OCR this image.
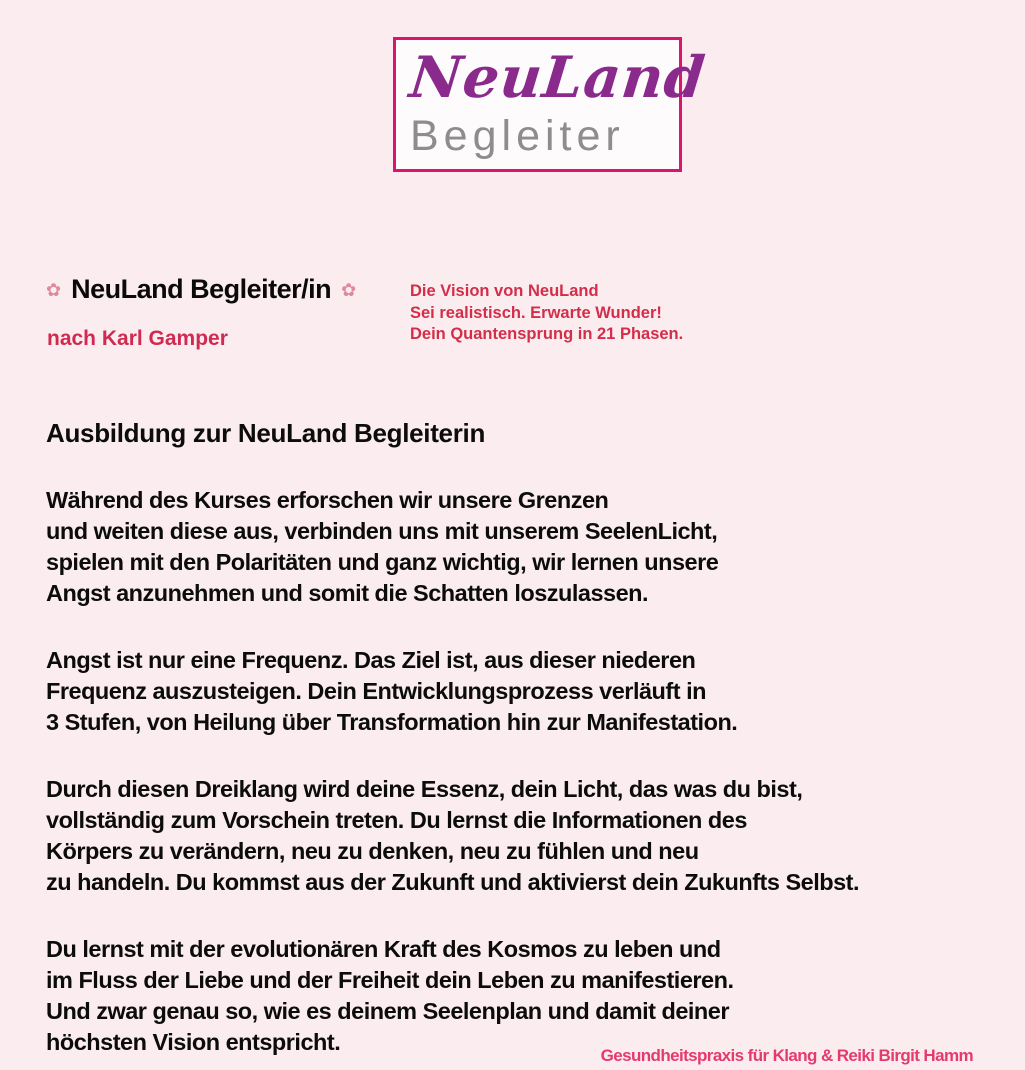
NeuLand
Begleiter
✿ NeuLand Begleiter/in ✿
nach Karl Gamper
Die Vision von NeuLand
Sei realistisch. Erwarte Wunder!
Dein Quantensprung in 21 Phasen.
Ausbildung zur NeuLand Begleiterin
Während des Kurses erforschen wir unsere Grenzen
und weiten diese aus, verbinden uns mit unserem SeelenLicht,
spielen mit den Polaritäten und ganz wichtig, wir lernen unsere
Angst anzunehmen und somit die Schatten loszulassen.
Angst ist nur eine Frequenz. Das Ziel ist, aus dieser niederen
Frequenz auszusteigen. Dein Entwicklungsprozess verläuft in
3 Stufen, von Heilung über Transformation hin zur Manifestation.
Durch diesen Dreiklang wird deine Essenz, dein Licht, das was du bist,
vollständig zum Vorschein treten. Du lernst die Informationen des
Körpers zu verändern, neu zu denken, neu zu fühlen und neu
zu handeln. Du kommst aus der Zukunft und aktivierst dein Zukunfts Selbst.
Du lernst mit der evolutionären Kraft des Kosmos zu leben und
im Fluss der Liebe und der Freiheit dein Leben zu manifestieren.
Und zwar genau so, wie es deinem Seelenplan und damit deiner
höchsten Vision entspricht.
Gesundheitspraxis für Klang & Reiki Birgit Hamm
